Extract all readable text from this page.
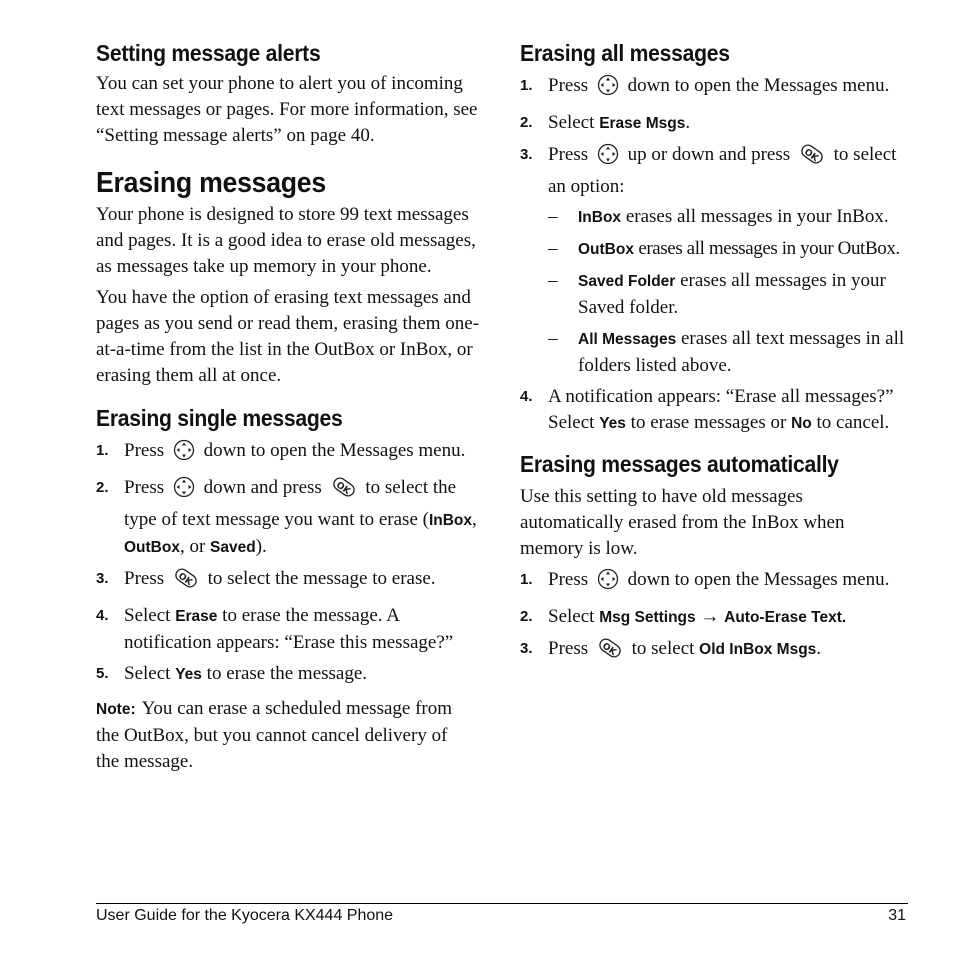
Setting message alerts

You can set your phone to alert you of incoming text messages or pages. For more information, see “Setting message alerts” on page 40.

Erasing messages

Your phone is designed to store 99 text messages and pages. It is a good idea to erase old messages, as messages take up memory in your phone.

You have the option of erasing text messages and pages as you send or read them, erasing them one-at-a-time from the list in the OutBox or InBox, or erasing them all at once.

Erasing single messages
1. Press down to open the Messages menu.
2. Press down and press OK to select the type of text message you want to erase (InBox, OutBox, or Saved).
3. Press OK to select the message to erase.
4. Select Erase to erase the message. A notification appears: “Erase this message?”
5. Select Yes to erase the message.

Note: You can erase a scheduled message from the OutBox, but you cannot cancel delivery of the message.

Erasing all messages
1. Press down to open the Messages menu.
2. Select Erase Msgs.
3. Press up or down and press OK to select an option:
– InBox erases all messages in your InBox.
– OutBox erases all messages in your OutBox.
– Saved Folder erases all messages in your Saved folder.
– All Messages erases all text messages in all folders listed above.
4. A notification appears: “Erase all messages?” Select Yes to erase messages or No to cancel.
Erasing messages automatically

Use this setting to have old messages automatically erased from the InBox when memory is low.

1. Press down to open the Messages menu.
2. Select Msg Settings → Auto-Erase Text.
3. Press OK to select Old InBox Msgs.
User Guide for the Kyocera KX444 Phone	31
